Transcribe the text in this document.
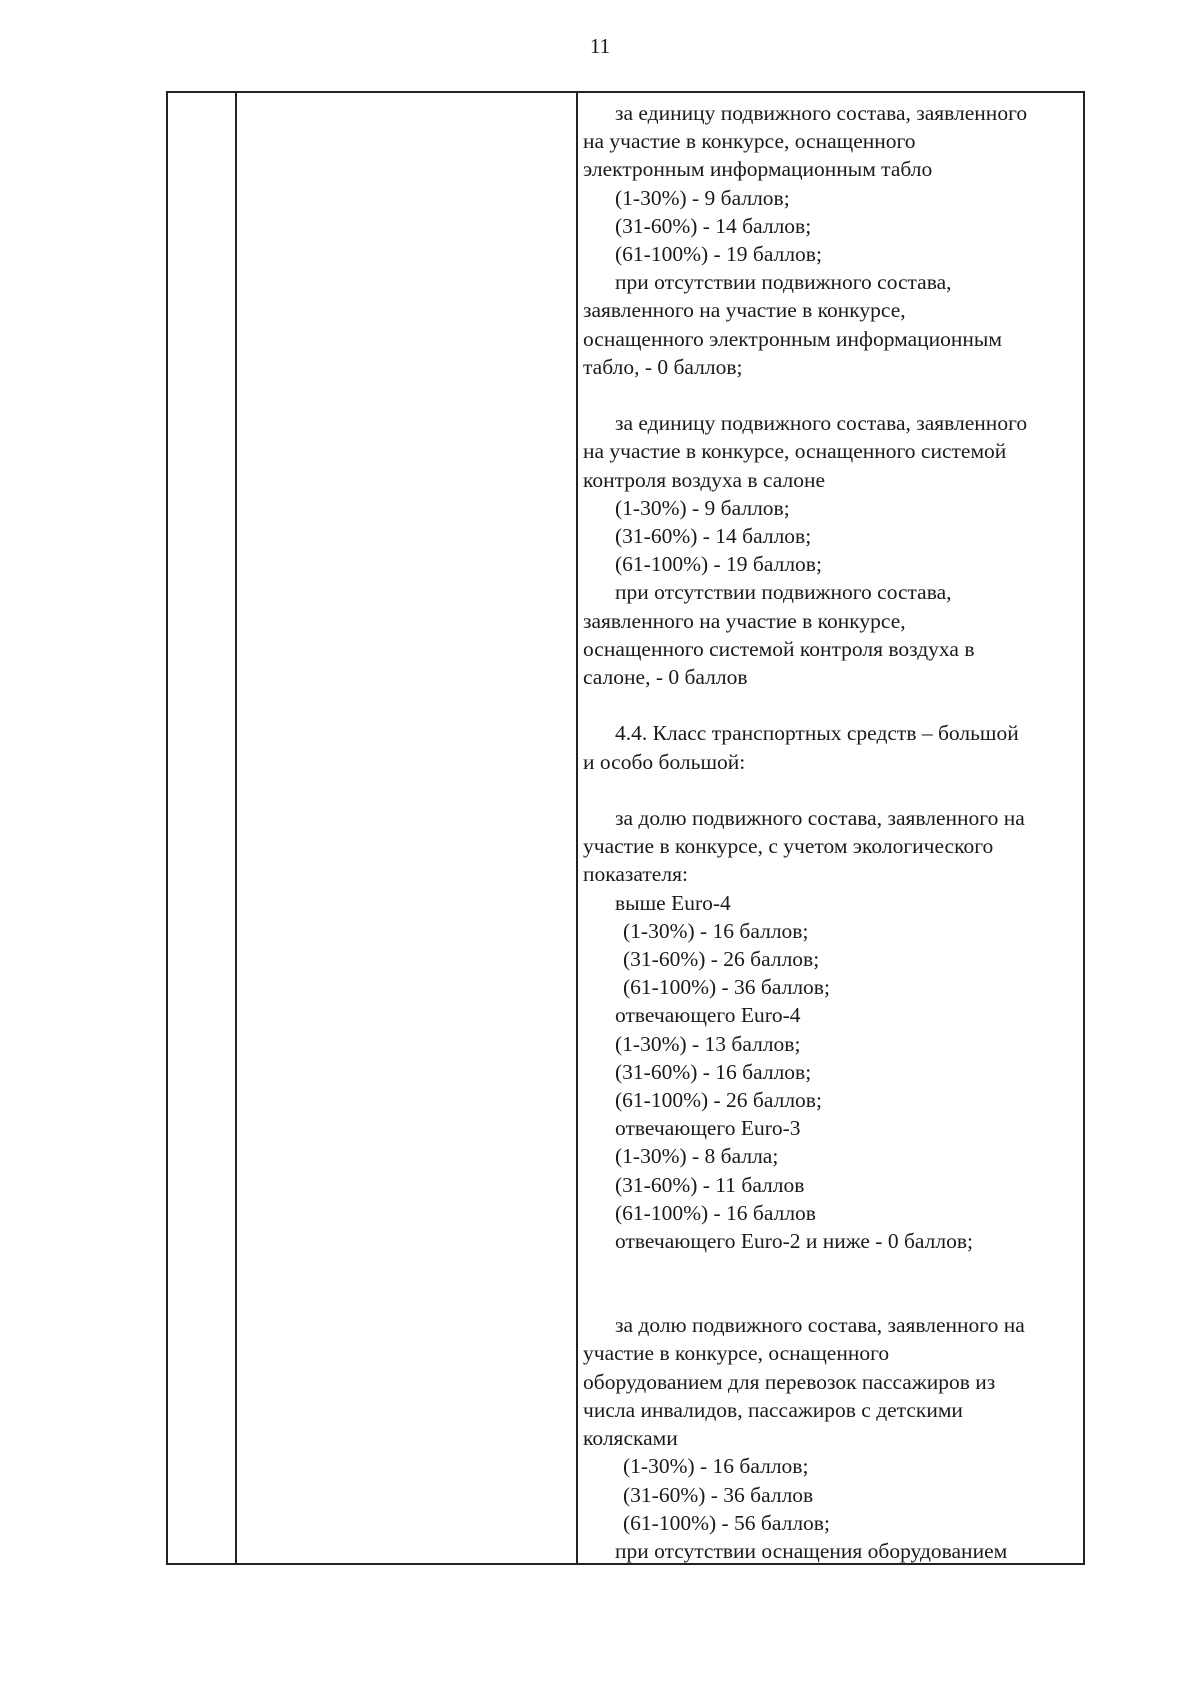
11
за единицу подвижного состава, заявленного
на участие в конкурсе, оснащенного
электронным информационным табло
(1-30%) - 9 баллов;
(31-60%) - 14 баллов;
(61-100%) - 19 баллов;
при отсутствии подвижного состава,
заявленного на участие в конкурсе,
оснащенного электронным информационным
табло, - 0 баллов;
за единицу подвижного состава, заявленного
на участие в конкурсе, оснащенного системой
контроля воздуха в салоне
(1-30%) - 9 баллов;
(31-60%) - 14 баллов;
(61-100%) - 19 баллов;
при отсутствии подвижного состава,
заявленного на участие в конкурсе,
оснащенного системой контроля воздуха в
салоне, - 0 баллов
4.4. Класс транспортных средств – большой
и особо большой:
за долю подвижного состава, заявленного на
участие в конкурсе, с учетом экологического
показателя:
выше Euro-4
(1-30%) - 16 баллов;
(31-60%) - 26 баллов;
(61-100%) - 36 баллов;
отвечающего Euro-4
(1-30%) - 13 баллов;
(31-60%) - 16 баллов;
(61-100%) - 26 баллов;
отвечающего Euro-3
(1-30%) - 8 балла;
(31-60%) - 11 баллов
(61-100%) - 16 баллов
отвечающего Euro-2 и ниже - 0 баллов;
за долю подвижного состава, заявленного на
участие в конкурсе, оснащенного
оборудованием для перевозок пассажиров из
числа инвалидов, пассажиров с детскими
колясками
(1-30%) - 16 баллов;
(31-60%) - 36 баллов
(61-100%) - 56 баллов;
при отсутствии оснащения оборудованием
